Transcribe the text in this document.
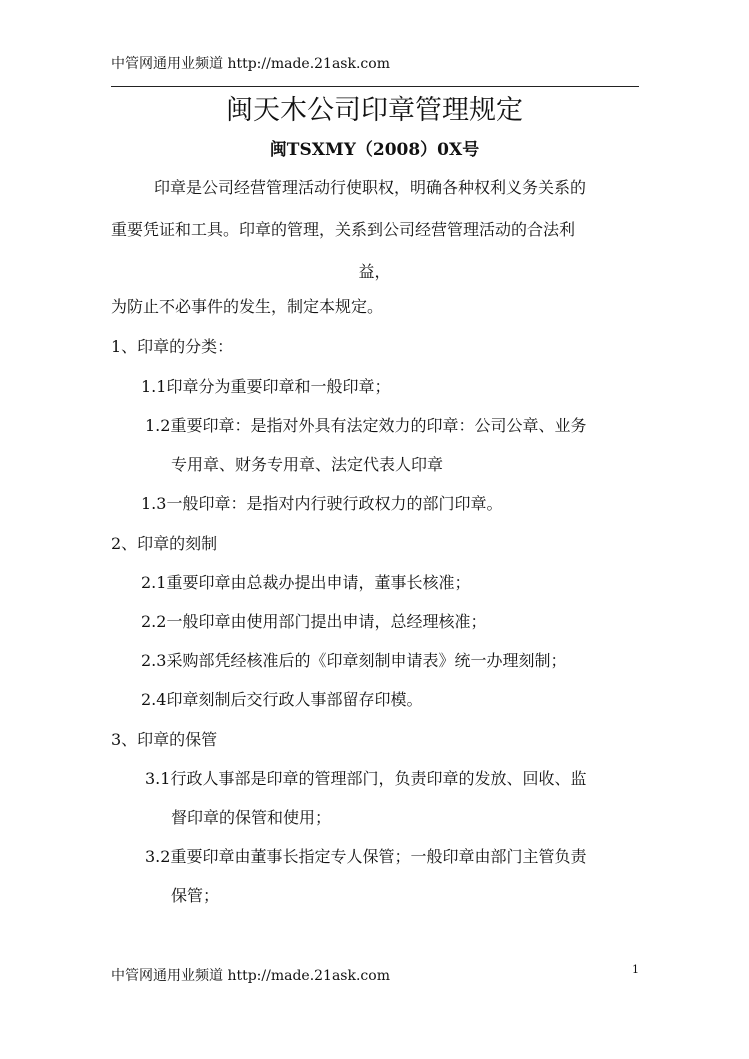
中管网通用业频道 http://made.21ask.com
闽天木公司印章管理规定
闽TSXMY（2008）0X号
印章是公司经营管理活动行使职权，明确各种权利义务关系的
重要凭证和工具。印章的管理，关系到公司经营管理活动的合法利
益，
为防止不必事件的发生，制定本规定。
1、印章的分类：
1.1印章分为重要印章和一般印章；
1.2重要印章：是指对外具有法定效力的印章：公司公章、业务
专用章、财务专用章、法定代表人印章
1.3一般印章：是指对内行驶行政权力的部门印章。
2、印章的刻制
2.1重要印章由总裁办提出申请，董事长核准；
2.2一般印章由使用部门提出申请，总经理核准；
2.3采购部凭经核准后的《印章刻制申请表》统一办理刻制；
2.4印章刻制后交行政人事部留存印模。
3、印章的保管
3.1行政人事部是印章的管理部门，负责印章的发放、回收、监
督印章的保管和使用；
3.2重要印章由董事长指定专人保管；一般印章由部门主管负责
保管；
中管网通用业频道 http://made.21ask.com	1
